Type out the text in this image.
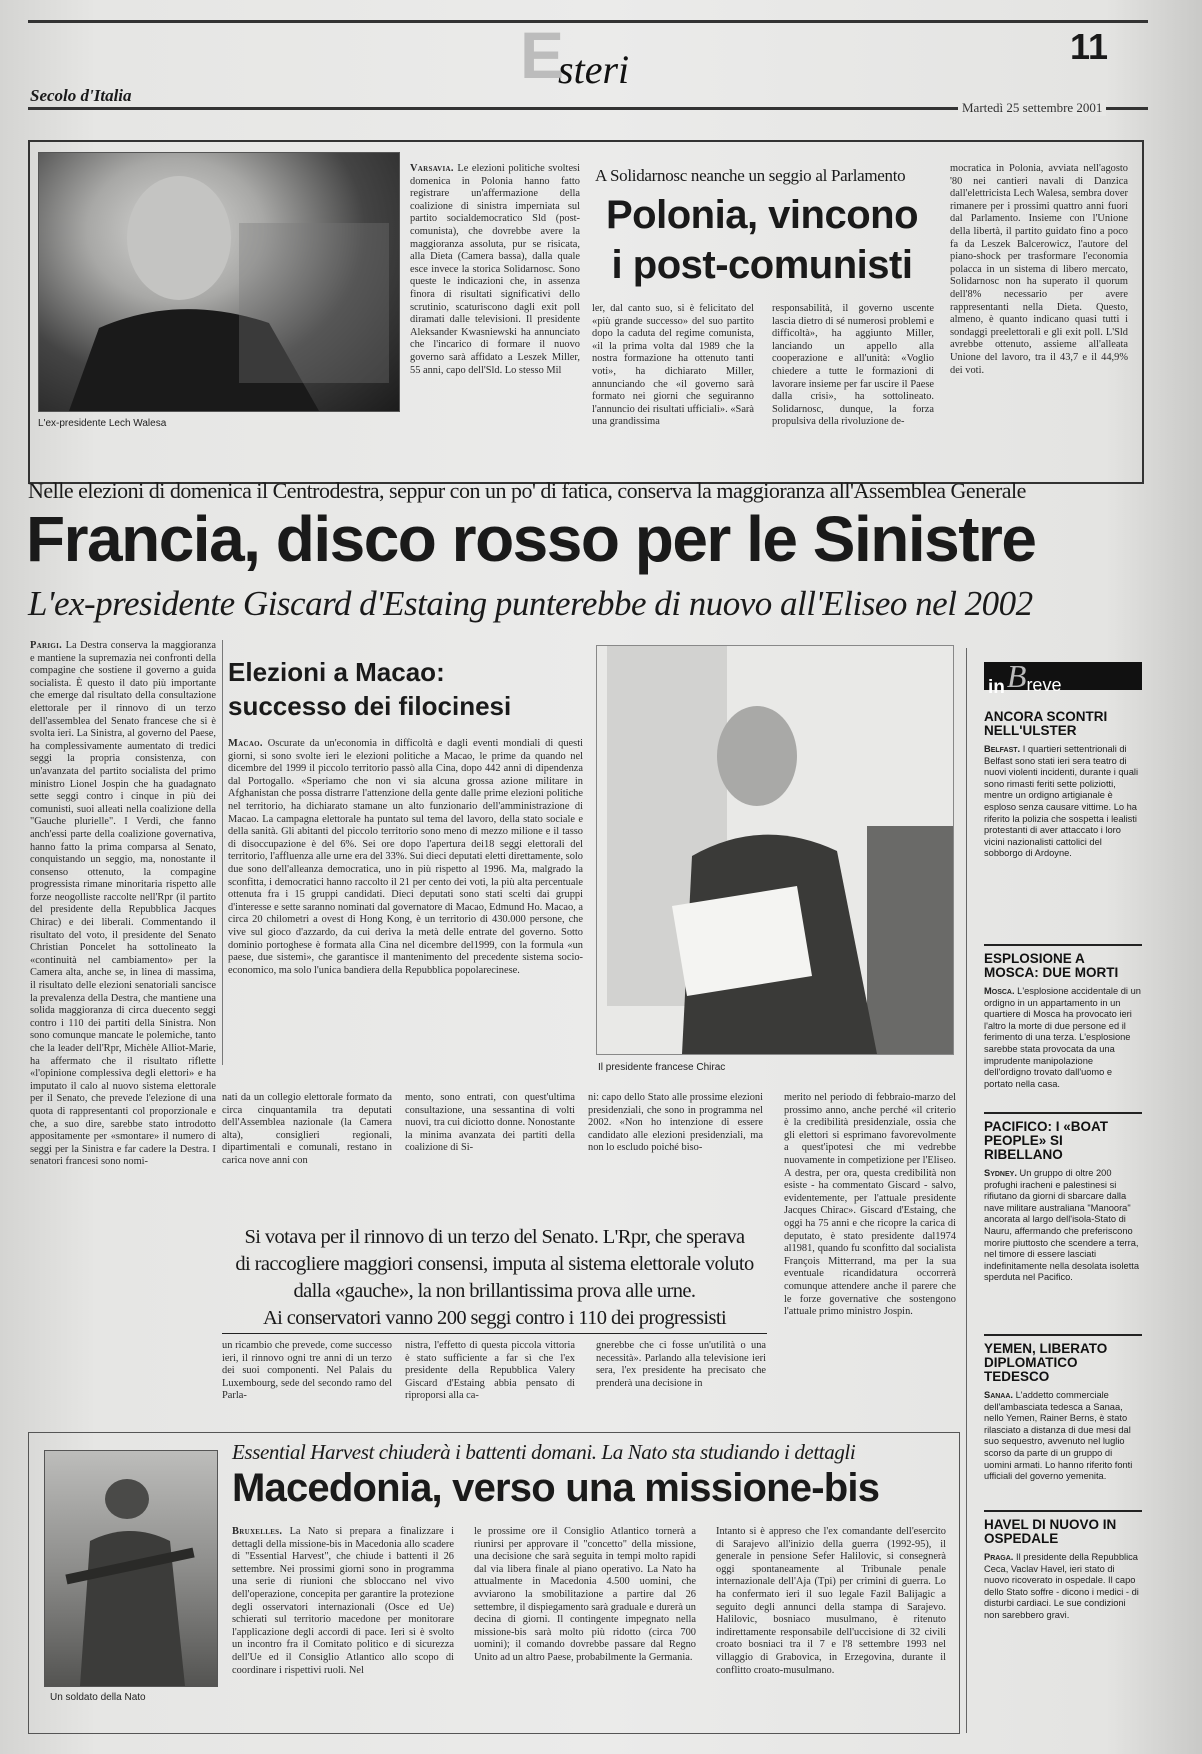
Esteri
11
Secolo d'Italia
Martedì 25 settembre 2001
L'ex-presidente Lech Walesa
Varsavia. Le elezioni politiche svoltesi domenica in Polonia hanno fatto registrare un'affermazione della coalizione di sinistra imperniata sul partito socialdemocratico Sld (post-comunista), che dovrebbe avere la maggioranza assoluta, pur se risicata, alla Dieta (Camera bassa), dalla quale esce invece la storica Solidarnosc. Sono queste le indicazioni che, in assenza finora di risultati significativi dello scrutinio, scaturiscono dagli exit poll diramati dalle televisioni. Il presidente Aleksander Kwasniewski ha annunciato che l'incarico di formare il nuovo governo sarà affidato a Leszek Miller, 55 anni, capo dell'Sld. Lo stesso Mil
A Solidarnosc neanche un seggio al Parlamento
Polonia, vincono
i post-comunisti
ler, dal canto suo, si è felicitato del «più grande successo» del suo partito dopo la caduta del regime comunista, «il la prima volta dal 1989 che la nostra formazione ha ottenuto tanti voti», ha dichiarato Miller, annunciando che «il governo sarà formato nei giorni che seguiranno l'annuncio dei risultati ufficiali». «Sarà una grandissima
responsabilità, il governo uscente lascia dietro di sé numerosi problemi e difficoltà», ha aggiunto Miller, lanciando un appello alla cooperazione e all'unità: «Voglio chiedere a tutte le formazioni di lavorare insieme per far uscire il Paese dalla crisi», ha sottolineato. Solidarnosc, dunque, la forza propulsiva della rivoluzione de-
mocratica in Polonia, avviata nell'agosto '80 nei cantieri navali di Danzica dall'elettricista Lech Walesa, sembra dover rimanere per i prossimi quattro anni fuori dal Parlamento. Insieme con l'Unione della libertà, il partito guidato fino a poco fa da Leszek Balcerowicz, l'autore del piano-shock per trasformare l'economia polacca in un sistema di libero mercato, Solidarnosc non ha superato il quorum dell'8% necessario per avere rappresentanti nella Dieta. Questo, almeno, è quanto indicano quasi tutti i sondaggi preelettorali e gli exit poll. L'Sld avrebbe ottenuto, assieme all'alleata Unione del lavoro, tra il 43,7 e il 44,9% dei voti.
Nelle elezioni di domenica il Centrodestra, seppur con un po' di fatica, conserva la maggioranza all'Assemblea Generale
Francia, disco rosso per le Sinistre
L'ex-presidente Giscard d'Estaing punterebbe di nuovo all'Eliseo nel 2002
Parigi. La Destra conserva la maggioranza e mantiene la supremazia nei confronti della compagine che sostiene il governo a guida socialista. È questo il dato più importante che emerge dal risultato della consultazione elettorale per il rinnovo di un terzo dell'assemblea del Senato francese che si è svolta ieri. La Sinistra, al governo del Paese, ha complessivamente aumentato di tredici seggi la propria consistenza, con un'avanzata del partito socialista del primo ministro Lionel Jospin che ha guadagnato sette seggi contro i cinque in più dei comunisti, suoi alleati nella coalizione della "Gauche plurielle". I Verdi, che fanno anch'essi parte della coalizione governativa, hanno fatto la prima comparsa al Senato, conquistando un seggio, ma, nonostante il consenso ottenuto, la compagine progressista rimane minoritaria rispetto alle forze neogolliste raccolte nell'Rpr (il partito del presidente della Repubblica Jacques Chirac) e dei liberali. Commentando il risultato del voto, il presidente del Senato Christian Poncelet ha sottolineato la «continuità nel cambiamento» per la Camera alta, anche se, in linea di massima, il risultato delle elezioni senatoriali sancisce la prevalenza della Destra, che mantiene una solida maggioranza di circa duecento seggi contro i 110 dei partiti della Sinistra. Non sono comunque mancate le polemiche, tanto che la leader dell'Rpr, Michèle Alliot-Marie, ha affermato che il risultato riflette «l'opinione complessiva degli elettori» e ha imputato il calo al nuovo sistema elettorale per il Senato, che prevede l'elezione di una quota di rappresentanti col proporzionale e che, a suo dire, sarebbe stato introdotto appositamente per «smontare» il numero di seggi per la Sinistra e far cadere la Destra. I senatori francesi sono nomi-
Elezioni a Macao:
successo dei filocinesi
Macao. Oscurate da un'economia in difficoltà e dagli eventi mondiali di questi giorni, si sono svolte ieri le elezioni politiche a Macao, le prime da quando nel dicembre del 1999 il piccolo territorio passò alla Cina, dopo 442 anni di dipendenza dal Portogallo. «Speriamo che non vi sia alcuna grossa azione militare in Afghanistan che possa distrarre l'attenzione della gente dalle prime elezioni politiche nel territorio, ha dichiarato stamane un alto funzionario dell'amministrazione di Macao. La campagna elettorale ha puntato sul tema del lavoro, della stato sociale e della sanità. Gli abitanti del piccolo territorio sono meno di mezzo milione e il tasso di disoccupazione è del 6%. Sei ore dopo l'apertura dei18 seggi elettorali del territorio, l'affluenza alle urne era del 33%. Sui dieci deputati eletti direttamente, solo due sono dell'alleanza democratica, uno in più rispetto al 1996. Ma, malgrado la sconfitta, i democratici hanno raccolto il 21 per cento dei voti, la più alta percentuale ottenuta fra i 15 gruppi candidati. Dieci deputati sono stati scelti dai gruppi d'interesse e sette saranno nominati dal governatore di Macao, Edmund Ho. Macao, a circa 20 chilometri a ovest di Hong Kong, è un territorio di 430.000 persone, che vive sul gioco d'azzardo, da cui deriva la metà delle entrate del governo. Sotto dominio portoghese è formata alla Cina nel dicembre del1999, con la formula «un paese, due sistemi», che garantisce il mantenimento del precedente sistema socio-economico, ma solo l'unica bandiera della Repubblica popolarecinese.
Il presidente francese Chirac
nati da un collegio elettorale formato da circa cinquantamila tra deputati dell'Assemblea nazionale (la Camera alta), consiglieri regionali, dipartimentali e comunali, restano in carica nove anni con
mento, sono entrati, con quest'ultima consultazione, una sessantina di volti nuovi, tra cui diciotto donne. Nonostante la minima avanzata dei partiti della coalizione di Si-
ni: capo dello Stato alle prossime elezioni presidenziali, che sono in programma nel 2002. «Non ho intenzione di essere candidato alle elezioni presidenziali, ma non lo escludo poiché biso-
merito nel periodo di febbraio-marzo del prossimo anno, anche perché «il criterio è la credibilità presidenziale, ossia che gli elettori si esprimano favorevolmente a quest'ipotesi che mi vedrebbe nuovamente in competizione per l'Eliseo. A destra, per ora, questa credibilità non esiste - ha commentato Giscard - salvo, evidentemente, per l'attuale presidente Jacques Chirac». Giscard d'Estaing, che oggi ha 75 anni e che ricopre la carica di deputato, è stato presidente dal1974 al1981, quando fu sconfitto dal socialista François Mitterrand, ma per la sua eventuale ricandidatura occorrerà comunque attendere anche il parere che le forze governative che sostengono l'attuale primo ministro Jospin.
Si votava per il rinnovo di un terzo del Senato. L'Rpr, che sperava
di raccogliere maggiori consensi, imputa al sistema elettorale voluto
dalla «gauche», la non brillantissima prova alle urne.
Ai conservatori vanno 200 seggi contro i 110 dei progressisti
un ricambio che prevede, come successo ieri, il rinnovo ogni tre anni di un terzo dei suoi componenti. Nel Palais du Luxembourg, sede del secondo ramo del Parla-
nistra, l'effetto di questa piccola vittoria è stato sufficiente a far sì che l'ex presidente della Repubblica Valery Giscard d'Estaing abbia pensato di riproporsi alla ca-
gnerebbe che ci fosse un'utilità o una necessità». Parlando alla televisione ieri sera, l'ex presidente ha precisato che prenderà una decisione in
Un soldato della Nato
Essential Harvest chiuderà i battenti domani. La Nato sta studiando i dettagli
Macedonia, verso una missione-bis
Bruxelles. La Nato si prepara a finalizzare i dettagli della missione-bis in Macedonia allo scadere di "Essential Harvest", che chiude i battenti il 26 settembre. Nei prossimi giorni sono in programma una serie di riunioni che sbloccano nel vivo dell'operazione, concepita per garantire la protezione degli osservatori internazionali (Osce ed Ue) schierati sul territorio macedone per monitorare l'applicazione degli accordi di pace. Ieri si è svolto un incontro fra il Comitato politico e di sicurezza dell'Ue ed il Consiglio Atlantico allo scopo di coordinare i rispettivi ruoli. Nel
le prossime ore il Consiglio Atlantico tornerà a riunirsi per approvare il "concetto" della missione, una decisione che sarà seguita in tempi molto rapidi dal via libera finale al piano operativo. La Nato ha attualmente in Macedonia 4.500 uomini, che avviarono la smobilitazione a partire dal 26 settembre, il dispiegamento sarà graduale e durerà un decina di giorni. Il contingente impegnato nella missione-bis sarà molto più ridotto (circa 700 uomini); il comando dovrebbe passare dal Regno Unito ad un altro Paese, probabilmente la Germania.
Intanto si è appreso che l'ex comandante dell'esercito di Sarajevo all'inizio della guerra (1992-95), il generale in pensione Sefer Halilovic, si consegnerà oggi spontaneamente al Tribunale penale internazionale dell'Aja (Tpi) per crimini di guerra. Lo ha confermato ieri il suo legale Fazil Balijagic a seguito degli annunci della stampa di Sarajevo. Halilovic, bosniaco musulmano, è ritenuto indirettamente responsabile dell'uccisione di 32 civili croato bosniaci tra il 7 e l'8 settembre 1993 nel villaggio di Grabovica, in Erzegovina, durante il conflitto croato-musulmano.
inBreve
ANCORA SCONTRI NELL'ULSTER
Belfast. I quartieri settentrionali di Belfast sono stati ieri sera teatro di nuovi violenti incidenti, durante i quali sono rimasti feriti sette poliziotti, mentre un ordigno artigianale è esploso senza causare vittime. Lo ha riferito la polizia che sospetta i lealisti protestanti di aver attaccato i loro vicini nazionalisti cattolici del sobborgo di Ardoyne.
ESPLOSIONE A MOSCA: DUE MORTI
Mosca. L'esplosione accidentale di un ordigno in un appartamento in un quartiere di Mosca ha provocato ieri l'altro la morte di due persone ed il ferimento di una terza. L'esplosione sarebbe stata provocata da una imprudente manipolazione dell'ordigno trovato dall'uomo e portato nella casa.
PACIFICO: I «BOAT PEOPLE» SI RIBELLANO
Sydney. Un gruppo di oltre 200 profughi iracheni e palestinesi si rifiutano da giorni di sbarcare dalla nave militare australiana "Manoora" ancorata al largo dell'isola-Stato di Nauru, affermando che preferiscono morire piuttosto che scendere a terra, nel timore di essere lasciati indefinitamente nella desolata isoletta sperduta nel Pacifico.
YEMEN, LIBERATO DIPLOMATICO TEDESCO
Sanaa. L'addetto commerciale dell'ambasciata tedesca a Sanaa, nello Yemen, Rainer Berns, è stato rilasciato a distanza di due mesi dal suo sequestro, avvenuto nel luglio scorso da parte di un gruppo di uomini armati. Lo hanno riferito fonti ufficiali del governo yemenita.
HAVEL DI NUOVO IN OSPEDALE
Praga. Il presidente della Repubblica Ceca, Vaclav Havel, ieri stato di nuovo ricoverato in ospedale. Il capo dello Stato soffre - dicono i medici - di disturbi cardiaci. Le sue condizioni non sarebbero gravi.
